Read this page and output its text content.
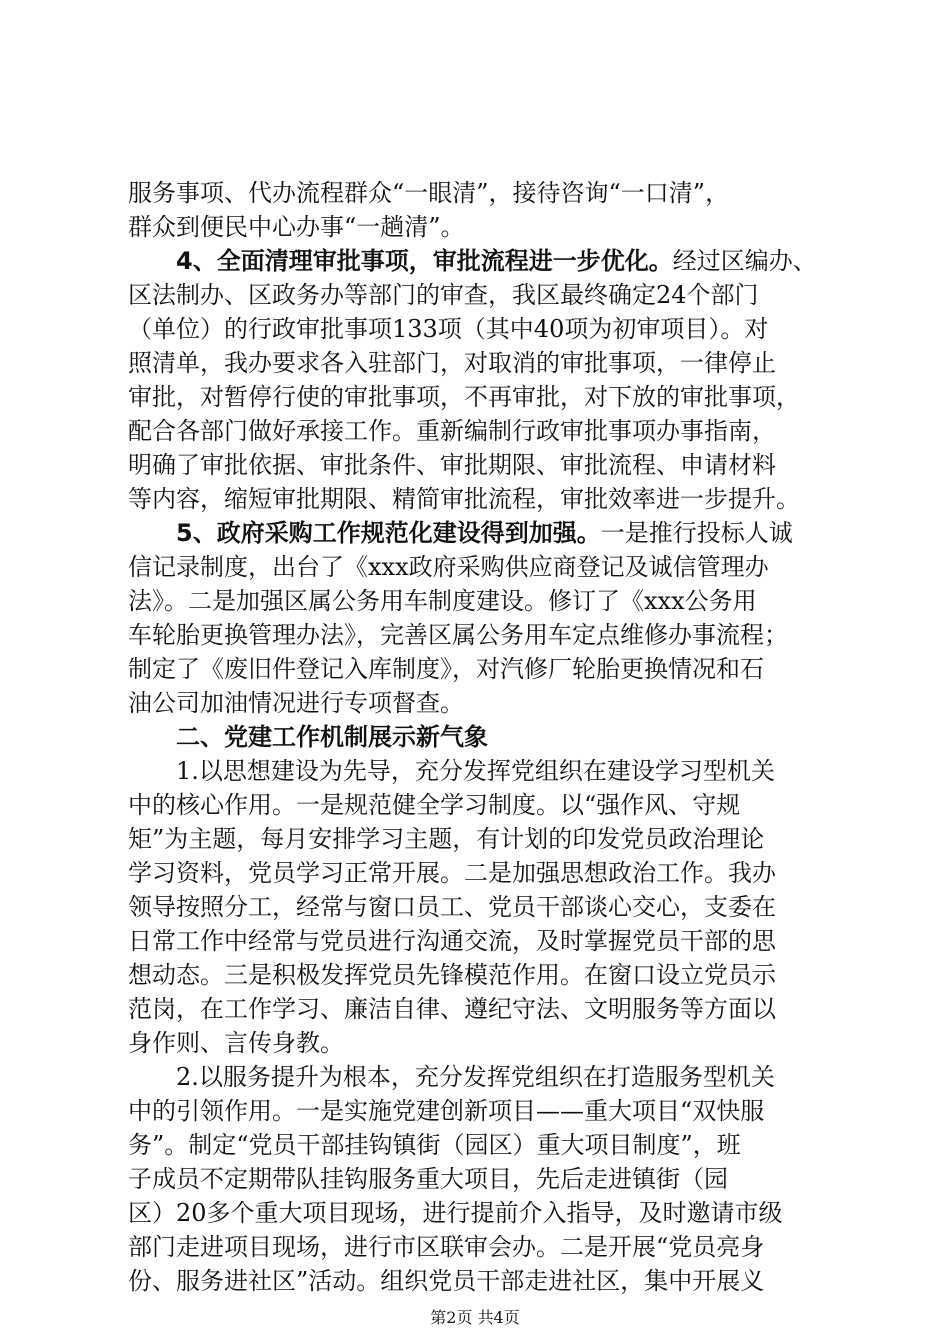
服务事项、代办流程群众“一眼清”，接待咨询“一口清”，
群众到便民中心办事“一趟清”。
4、全面清理审批事项，审批流程进一步优化。经过区编办、
区法制办、区政务办等部门的审查，我区最终确定24个部门
（单位）的行政审批事项133项（其中40项为初审项目）。对
照清单，我办要求各入驻部门，对取消的审批事项，一律停止
审批，对暂停行使的审批事项，不再审批，对下放的审批事项，
配合各部门做好承接工作。重新编制行政审批事项办事指南，
明确了审批依据、审批条件、审批期限、审批流程、申请材料
等内容，缩短审批期限、精简审批流程，审批效率进一步提升。
5、政府采购工作规范化建设得到加强。一是推行投标人诚
信记录制度，出台了《xxx政府采购供应商登记及诚信管理办
法》。二是加强区属公务用车制度建设。修订了《xxx公务用
车轮胎更换管理办法》，完善区属公务用车定点维修办事流程；
制定了《废旧件登记入库制度》，对汽修厂轮胎更换情况和石
油公司加油情况进行专项督查。
二、党建工作机制展示新气象
1.以思想建设为先导，充分发挥党组织在建设学习型机关
中的核心作用。一是规范健全学习制度。以“强作风、守规
矩”为主题，每月安排学习主题，有计划的印发党员政治理论
学习资料，党员学习正常开展。二是加强思想政治工作。我办
领导按照分工，经常与窗口员工、党员干部谈心交心，支委在
日常工作中经常与党员进行沟通交流，及时掌握党员干部的思
想动态。三是积极发挥党员先锋模范作用。在窗口设立党员示
范岗，在工作学习、廉洁自律、遵纪守法、文明服务等方面以
身作则、言传身教。
2.以服务提升为根本，充分发挥党组织在打造服务型机关
中的引领作用。一是实施党建创新项目——重大项目“双快服
务”。制定“党员干部挂钩镇街（园区）重大项目制度”，班
子成员不定期带队挂钩服务重大项目，先后走进镇街（园
区）20多个重大项目现场，进行提前介入指导，及时邀请市级
部门走进项目现场，进行市区联审会办。二是开展“党员亮身
份、服务进社区”活动。组织党员干部走进社区，集中开展义
第2页 共4页
